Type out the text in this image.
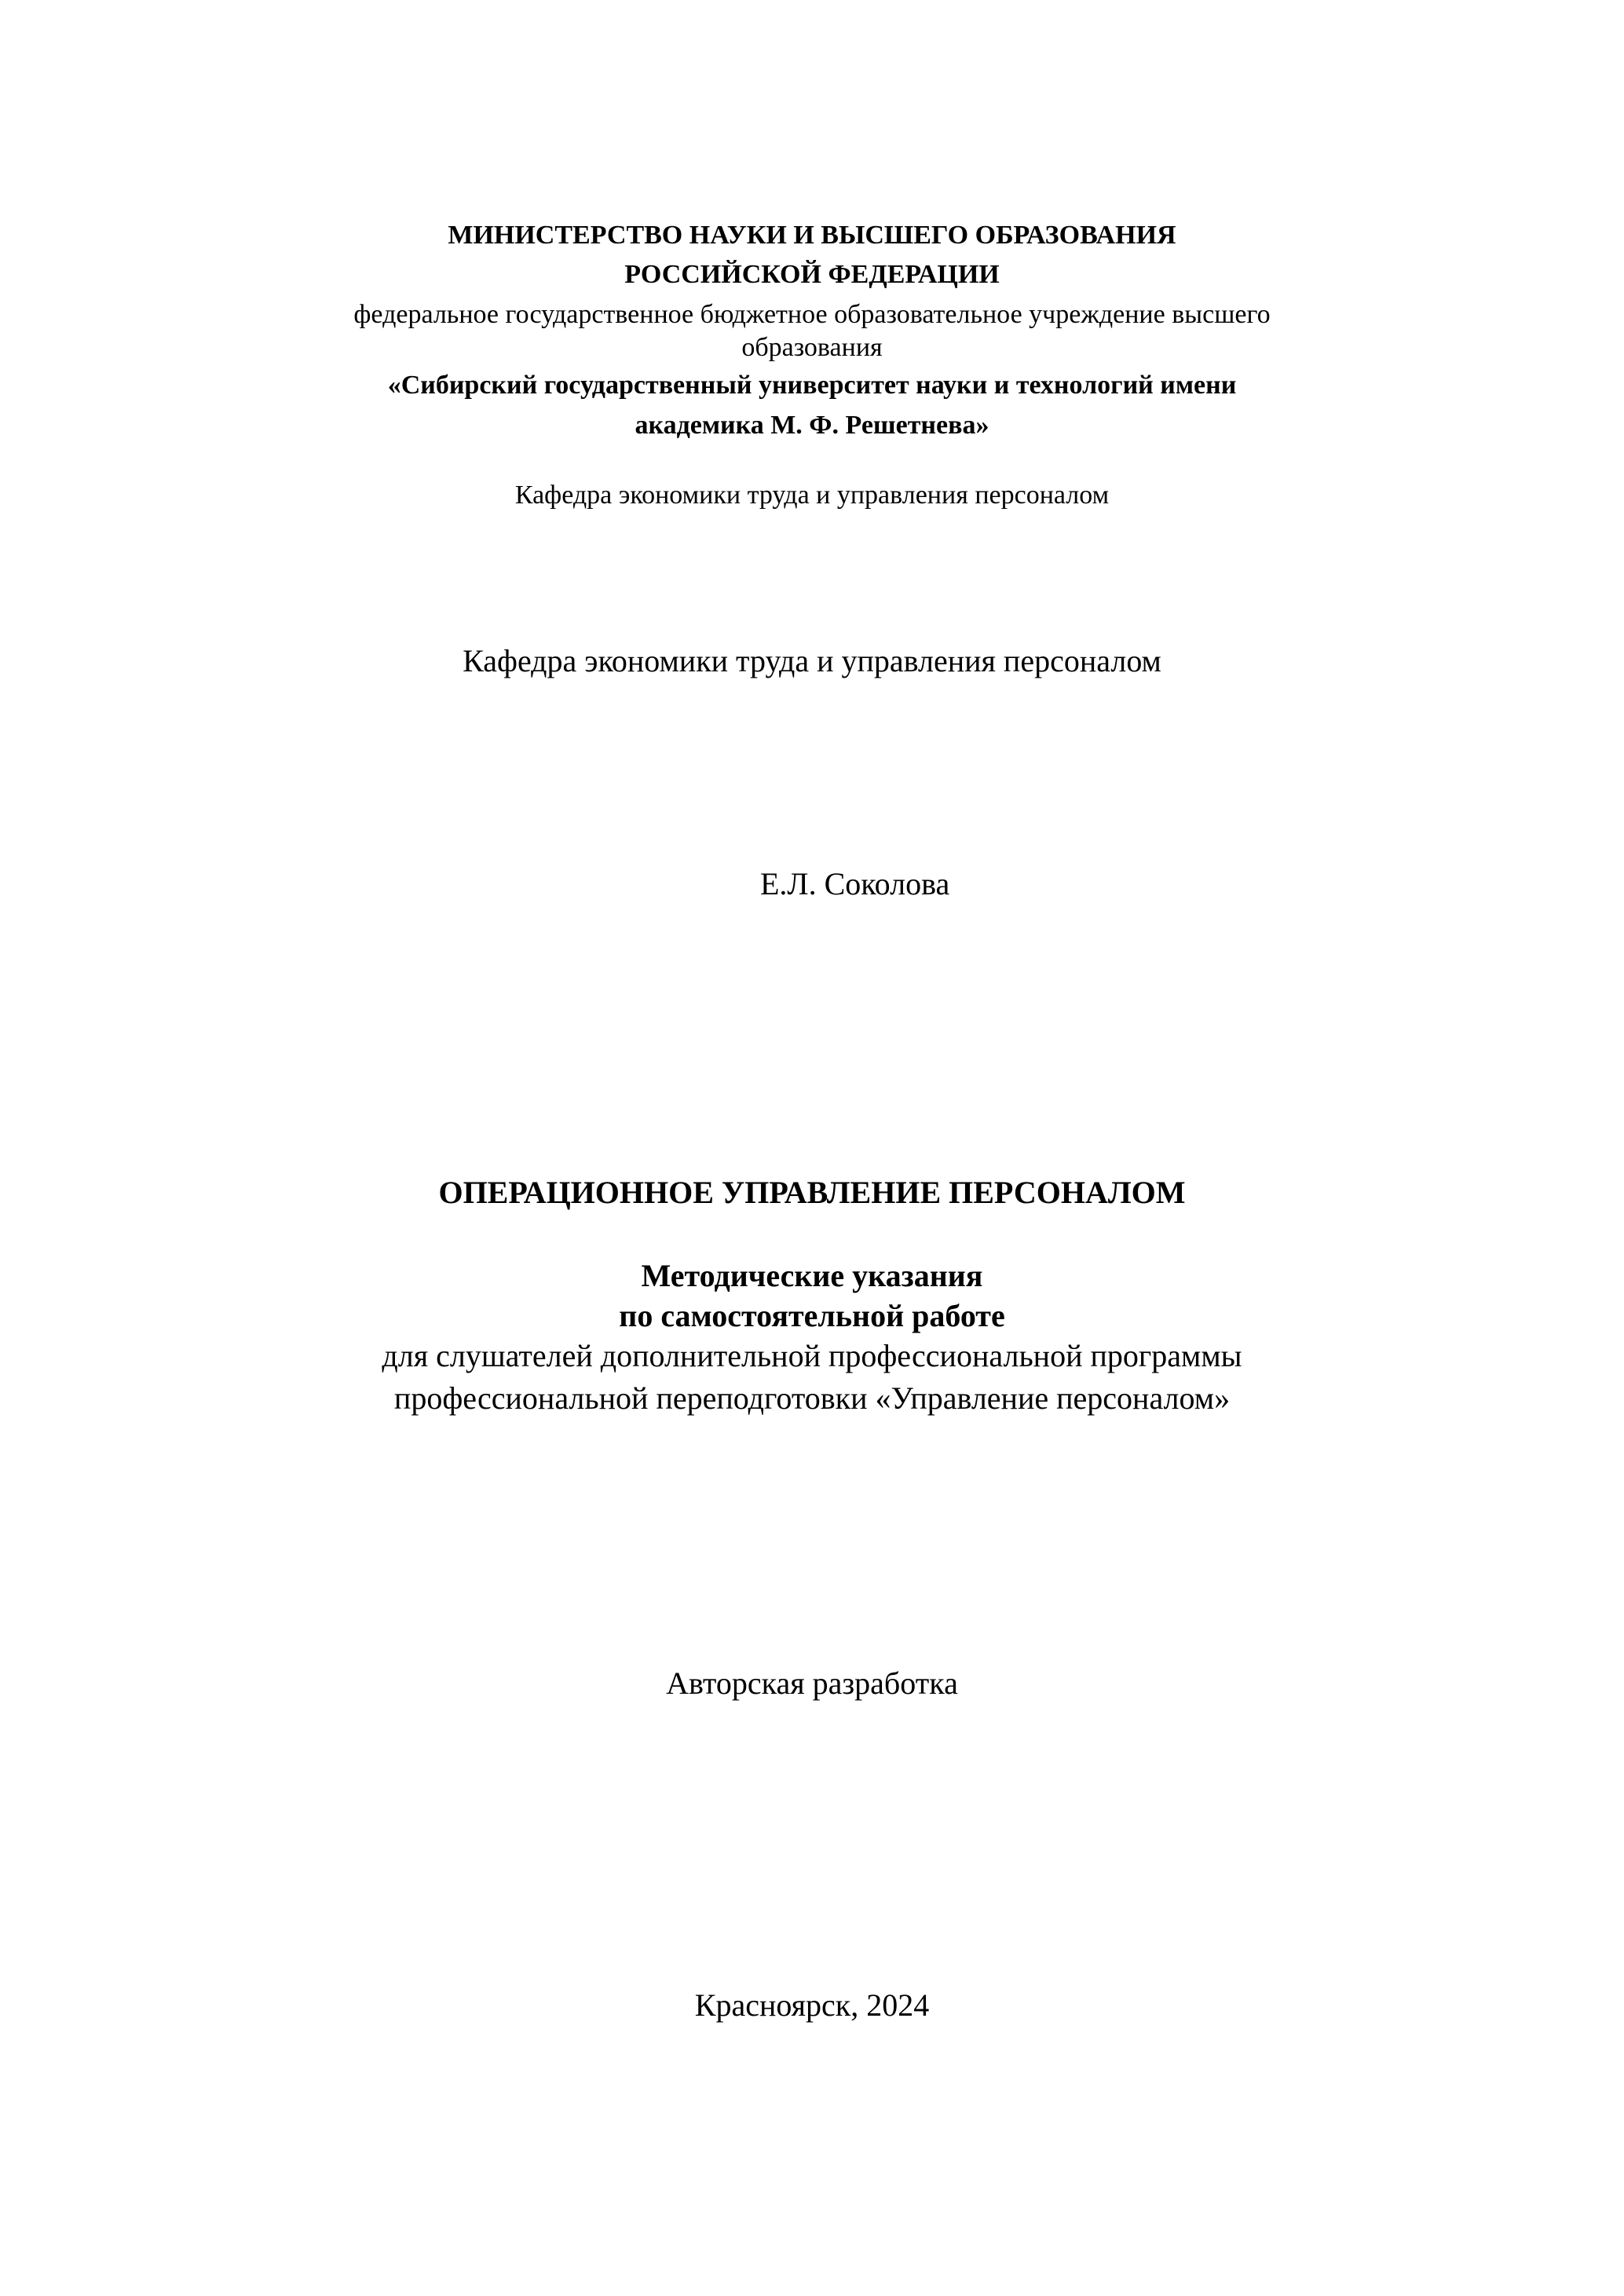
МИНИСТЕРСТВО НАУКИ И ВЫСШЕГО ОБРАЗОВАНИЯ

РОССИЙСКОЙ ФЕДЕРАЦИИ

федеральное государственное бюджетное образовательное учреждение высшего

образования

«Сибирский государственный университет науки и технологий имени

академика М. Ф. Решетнева»

Кафедра экономики труда и управления персоналом

Кафедра экономики труда и управления персоналом

Е.Л. Соколова

ОПЕРАЦИОННОЕ УПРАВЛЕНИЕ ПЕРСОНАЛОМ

Методические указания

по самостоятельной работе

для слушателей дополнительной профессиональной программы

профессиональной переподготовки «Управление персоналом»

Авторская разработка

Красноярск, 2024
